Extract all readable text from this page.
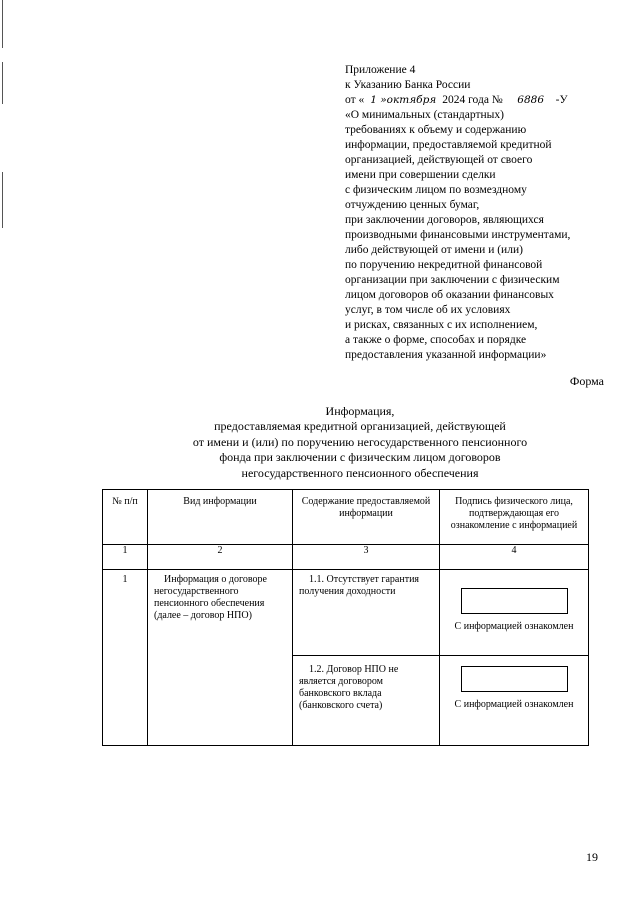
Приложение 4
к Указанию Банка России
от « 1 »октября 2024 года № 6886 -У
«О минимальных (стандартных)
требованиях к объему и содержанию
информации, предоставляемой кредитной
организацией, действующей от своего
имени при совершении сделки
с физическим лицом по возмездному
отчуждению ценных бумаг,
при заключении договоров, являющихся
производными финансовыми инструментами,
либо действующей от имени и (или)
по поручению некредитной финансовой
организации при заключении с физическим
лицом договоров об оказании финансовых
услуг, в том числе об их условиях
и рисках, связанных с их исполнением,
а также о форме, способах и порядке
предоставления указанной информации»
Форма
Информация,
предоставляемая кредитной организацией, действующей
от имени и (или) по поручению негосударственного пенсионного
фонда при заключении с физическим лицом договоров
негосударственного пенсионного обеспечения
№ п/п	Вид информации	Содержание предоставляемой информации	Подпись физического лица, подтверждающая его ознакомление с информацией
1	2	3	4
1	Информация о договоре негосударственного пенсионного обеспечения (далее – договор НПО)	1.1. Отсутствует гарантия получения доходности	С информацией ознакомлен

		1.2. Договор НПО не является договором банковского вклада (банковского счета)	С информацией ознакомлен
19
